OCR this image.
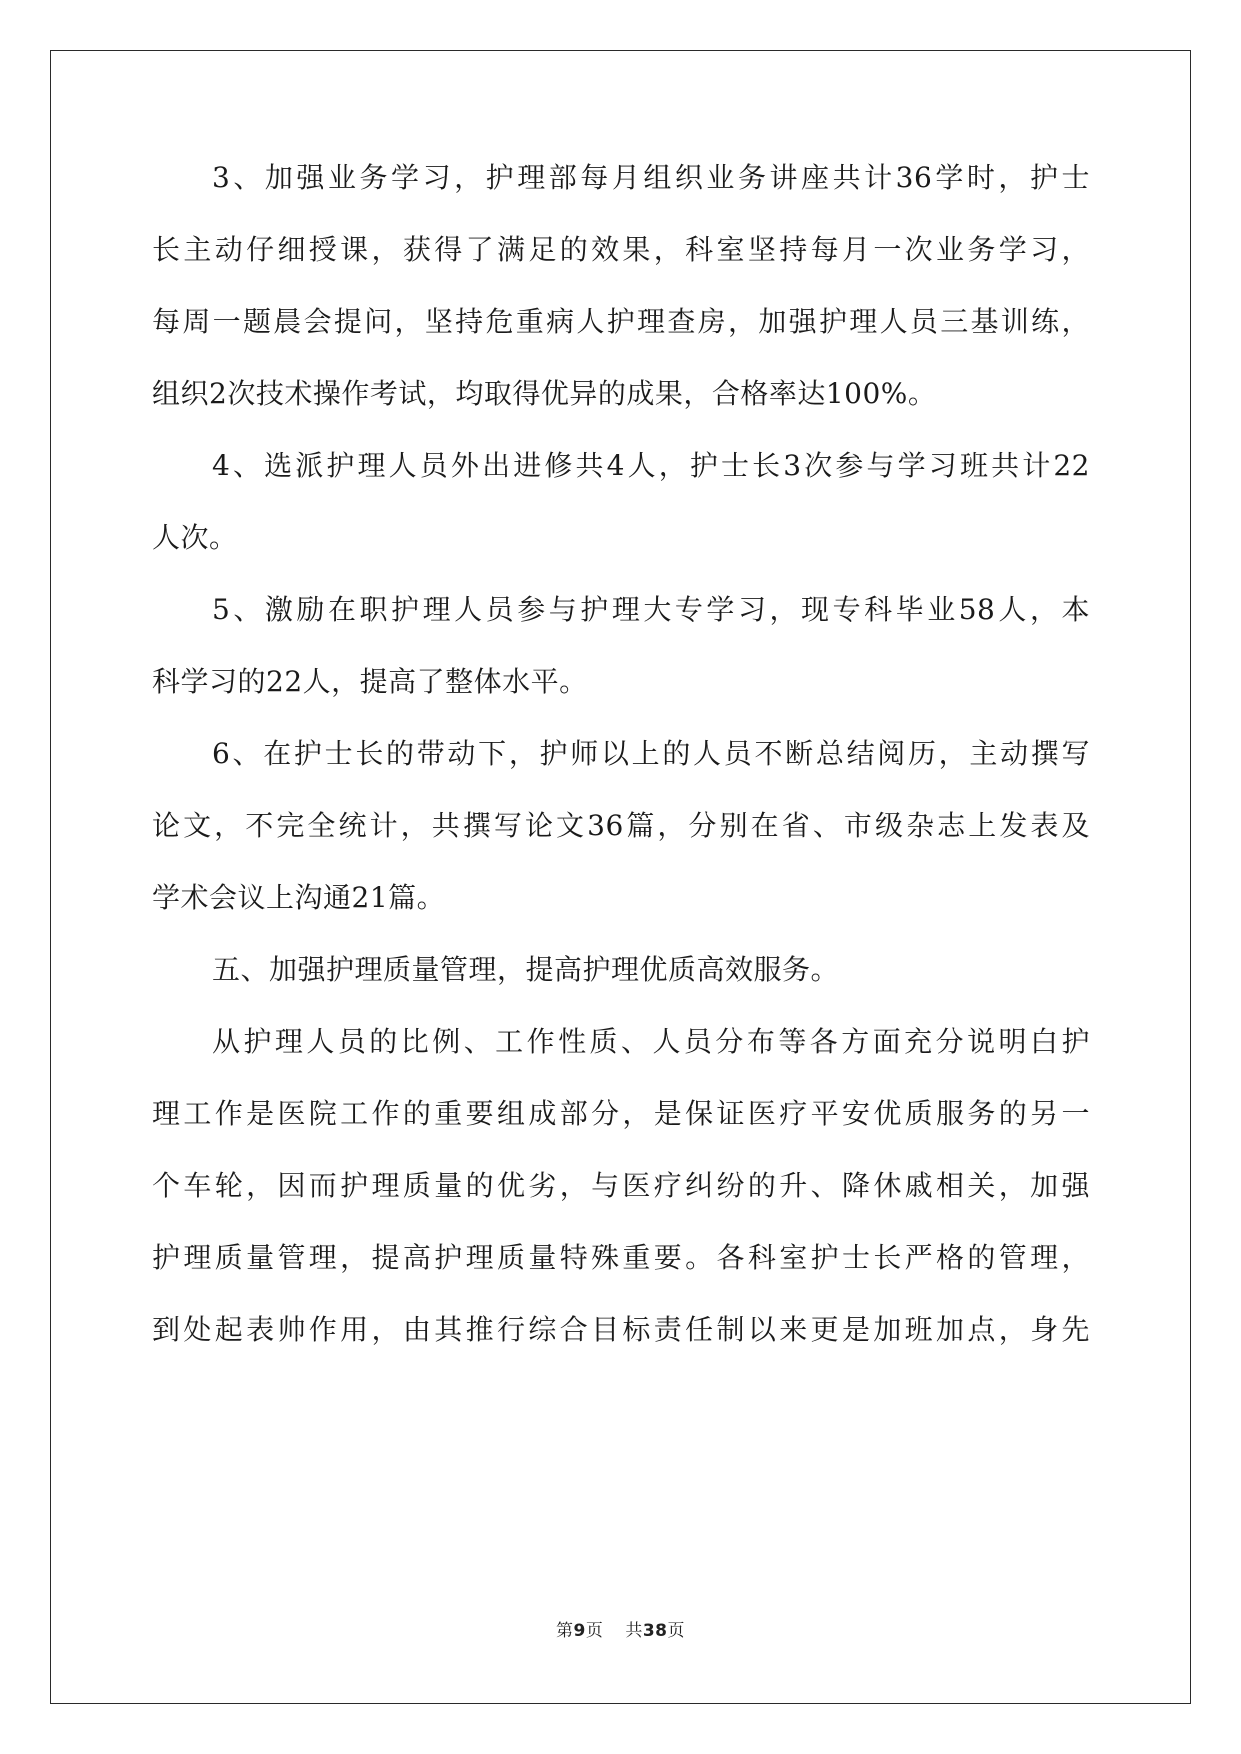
3、加强业务学习，护理部每月组织业务讲座共计36学时，护士
长主动仔细授课，获得了满足的效果，科室坚持每月一次业务学习，
每周一题晨会提问，坚持危重病人护理查房，加强护理人员三基训练，
组织2次技术操作考试，均取得优异的成果，合格率达100%。
4、选派护理人员外出进修共4人，护士长3次参与学习班共计22
人次。
5、激励在职护理人员参与护理大专学习，现专科毕业58人，本
科学习的22人，提高了整体水平。
6、在护士长的带动下，护师以上的人员不断总结阅历，主动撰写
论文，不完全统计，共撰写论文36篇，分别在省、市级杂志上发表及
学术会议上沟通21篇。
五、加强护理质量管理，提高护理优质高效服务。
从护理人员的比例、工作性质、人员分布等各方面充分说明白护
理工作是医院工作的重要组成部分，是保证医疗平安优质服务的另一
个车轮，因而护理质量的优劣，与医疗纠纷的升、降休戚相关，加强
护理质量管理，提高护理质量特殊重要。各科室护士长严格的管理，
到处起表帅作用，由其推行综合目标责任制以来更是加班加点，身先
第9页 共38页
